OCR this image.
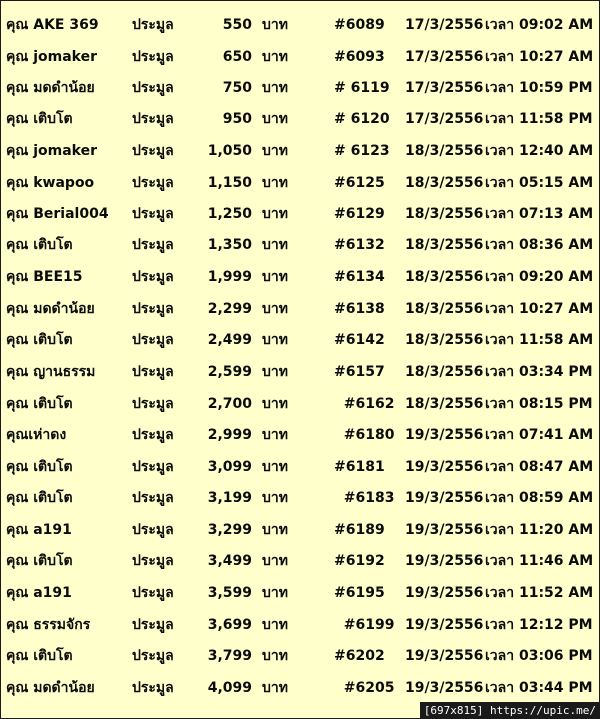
คุณ AKE 369 ประมูล	550 บาท	#6089 17/3/2556 เวลา 09:02 AM
คุณ jomaker ประมูล	650 บาท	#6093 17/3/2556 เวลา 10:27 AM
คุณ มดดำน้อย	ประมูล	750 บาท	# 6119 17/3/2556 เวลา 10:59 PM
คุณ เติบโต	ประมูล	950 บาท	# 6120 17/3/2556 เวลา 11:58 PM
คุณ jomaker ประมูล	1,050 บาท	# 6123 18/3/2556 เวลา 12:40 AM
คุณ kwapoo	ประมูล	1,150 บาท	#6125 18/3/2556 เวลา 05:15 AM
คุณ Berial004 ประมูล	1,250 บาท	#6129 18/3/2556 เวลา 07:13 AM
คุณ เติบโต	ประมูล	1,350 บาท	#6132 18/3/2556 เวลา 08:36 AM
คุณ BEE15	ประมูล	1,999 บาท	#6134 18/3/2556 เวลา 09:20 AM
คุณ มดดำน้อย	ประมูล	2,299 บาท	#6138 18/3/2556 เวลา 10:27 AM
คุณ เติบโต	ประมูล	2,499 บาท	#6142 18/3/2556 เวลา 11:58 AM
คุณ ญานธรรม	ประมูล	2,599 บาท	#6157 18/3/2556 เวลา 03:34 PM
คุณ เติบโต	ประมูล	2,700 บาท	#6162 18/3/2556 เวลา 08:15 PM
คุณเห่าดง	ประมูล	2,999 บาท	#6180 19/3/2556 เวลา 07:41 AM
คุณ เติบโต	ประมูล	3,099 บาท	#6181 19/3/2556 เวลา 08:47 AM
คุณ เติบโต	ประมูล	3,199 บาท	#6183 19/3/2556 เวลา 08:59 AM
คุณ a191	ประมูล	3,299 บาท	#6189 19/3/2556 เวลา 11:20 AM
คุณ เติบโต	ประมูล	3,499 บาท	#6192 19/3/2556 เวลา 11:46 AM
คุณ a191	ประมูล	3,599 บาท	#6195 19/3/2556 เวลา 11:52 AM
คุณ ธรรมจักร	ประมูล	3,699 บาท	#6199 19/3/2556 เวลา 12:12 PM
คุณ เติบโต	ประมูล	3,799 บาท	#6202 19/3/2556 เวลา 03:06 PM
คุณ มดดำน้อย	ประมูล	4,099 บาท	#6205 19/3/2556 เวลา 03:44 PM
[697x815] https://upic.me/
